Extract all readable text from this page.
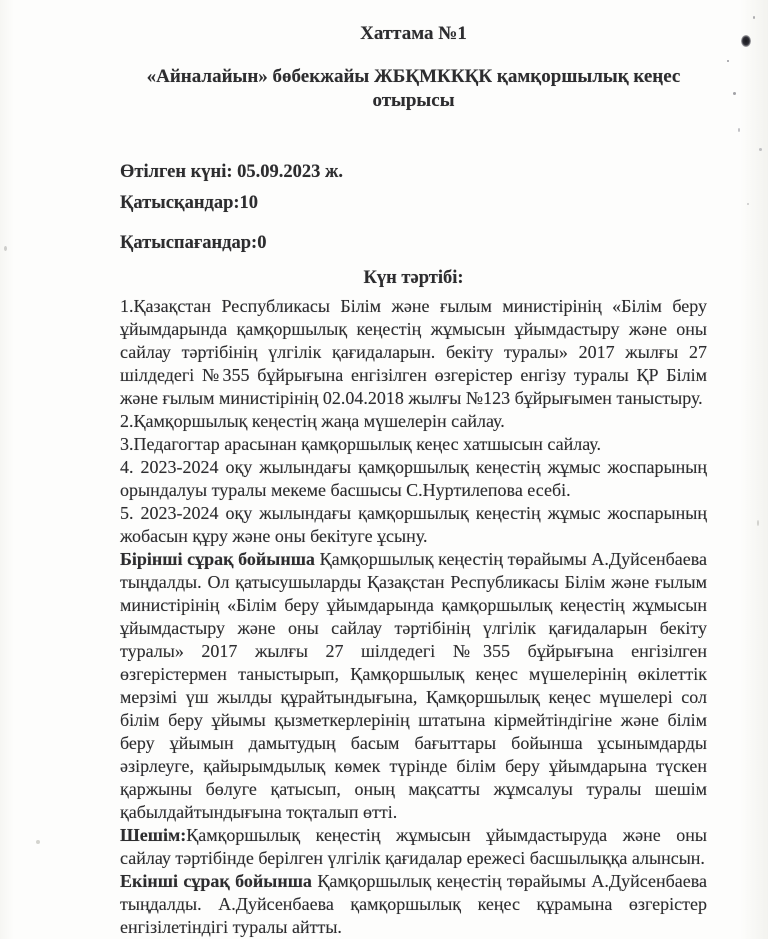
Хаттама №1
«Айналайын» бөбекжайы ЖБҚМККҚК қамқоршылық кеңес отырысы
Өтілген күні: 05.09.2023 ж.
Қатысқандар:10
Қатыспағандар:0
Күн тәртібі:

1.Қазақстан Республикасы Білім және ғылым министірінің «Білім беру ұйымдарында қамқоршылық кеңестің жұмысын ұйымдастыру және оны сайлау тәртібінің үлгілік қағидаларын. бекіту туралы» 2017 жылғы 27 шілдедегі №355 бұйрығына енгізілген өзгерістер енгізу туралы ҚР Білім және ғылым министірінің 02.04.2018 жылғы №123 бұйрығымен таныстыру.

2.Қамқоршылық кеңестің жаңа мүшелерін сайлау.

3.Педагогтар арасынан қамқоршылық кеңес хатшысын сайлау.

4. 2023-2024 оқу жылындағы қамқоршылық кеңестің жұмыс жоспарының орындалуы туралы мекеме басшысы С.Нуртилепова есебі.

5. 2023-2024 оқу жылындағы қамқоршылық кеңестің жұмыс жоспарының жобасын құру және оны бекітуге ұсыну.

Бірінші сұрақ бойынша Қамқоршылық кеңестің төрайымы А.Дуйсенбаева тыңдалды. Ол қатысушыларды Қазақстан Республикасы Білім және ғылым министірінің «Білім беру ұйымдарында қамқоршылық кеңестің жұмысын ұйымдастыру және оны сайлау тәртібінің үлгілік қағидаларын бекіту туралы» 2017 жылғы 27 шілдедегі №355 бұйрығына енгізілген өзгерістермен таныстырып, Қамқоршылық кеңес мүшелерінің өкілеттік мерзімі үш жылды құрайтындығына, Қамқоршылық кеңес мүшелері сол білім беру ұйымы қызметкерлерінің штатына кірмейтіндігіне және білім беру ұйымын дамытудың басым бағыттары бойынша ұсынымдарды әзірлеуге, қайырымдылық көмек түрінде білім беру ұйымдарына түскен қаржыны бөлуге қатысып, оның мақсатты жұмсалуы туралы шешім қабылдайтындығына тоқталып өтті.

Шешім:Қамқоршылық кеңестің жұмысын ұйымдастыруда және оны сайлау тәртібінде берілген үлгілік қағидалар ережесі басшылыққа алынсын.

Екінші сұрақ бойынша Қамқоршылық кеңестің төрайымы А.Дуйсенбаева тыңдалды. А.Дуйсенбаева қамқоршылық кеңес құрамына өзгерістер енгізілетіндігі туралы айтты.
